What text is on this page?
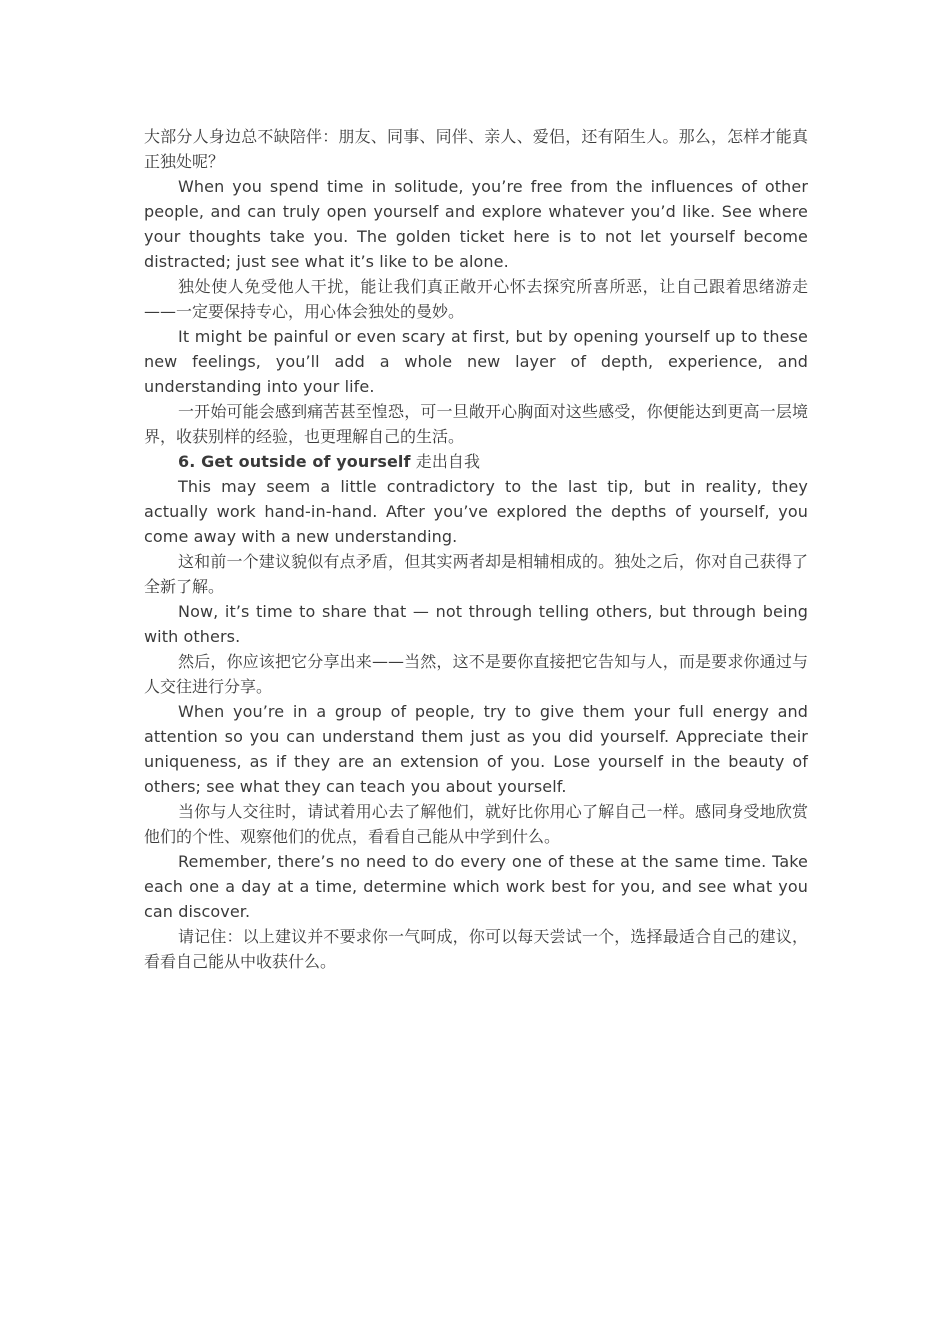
大部分人身边总不缺陪伴：朋友、同事、同伴、亲人、爱侣，还有陌生人。那么，怎样才能真正独处呢？

When you spend time in solitude, you’re free from the influences of other people, and can truly open yourself and explore whatever you’d like. See where your thoughts take you. The golden ticket here is to not let yourself become distracted; just see what it’s like to be alone.

独处使人免受他人干扰，能让我们真正敞开心怀去探究所喜所恶，让自己跟着思绪游走——一定要保持专心，用心体会独处的曼妙。

It might be painful or even scary at first, but by opening yourself up to these new feelings, you’ll add a whole new layer of depth, experience, and understanding into your life.

一开始可能会感到痛苦甚至惶恐，可一旦敞开心胸面对这些感受，你便能达到更高一层境界，收获别样的经验，也更理解自己的生活。

6. Get outside of yourself 走出自我

This may seem a little contradictory to the last tip, but in reality, they actually work hand-in-hand. After you’ve explored the depths of yourself, you come away with a new understanding.

这和前一个建议貌似有点矛盾，但其实两者却是相辅相成的。独处之后，你对自己获得了全新了解。

Now, it’s time to share that — not through telling others, but through being with others.

然后，你应该把它分享出来——当然，这不是要你直接把它告知与人，而是要求你通过与人交往进行分享。

When you’re in a group of people, try to give them your full energy and attention so you can understand them just as you did yourself. Appreciate their uniqueness, as if they are an extension of you. Lose yourself in the beauty of others; see what they can teach you about yourself.

当你与人交往时，请试着用心去了解他们，就好比你用心了解自己一样。感同身受地欣赏他们的个性、观察他们的优点，看看自己能从中学到什么。

Remember, there’s no need to do every one of these at the same time. Take each one a day at a time, determine which work best for you, and see what you can discover.

请记住：以上建议并不要求你一气呵成，你可以每天尝试一个，选择最适合自己的建议，看看自己能从中收获什么。
